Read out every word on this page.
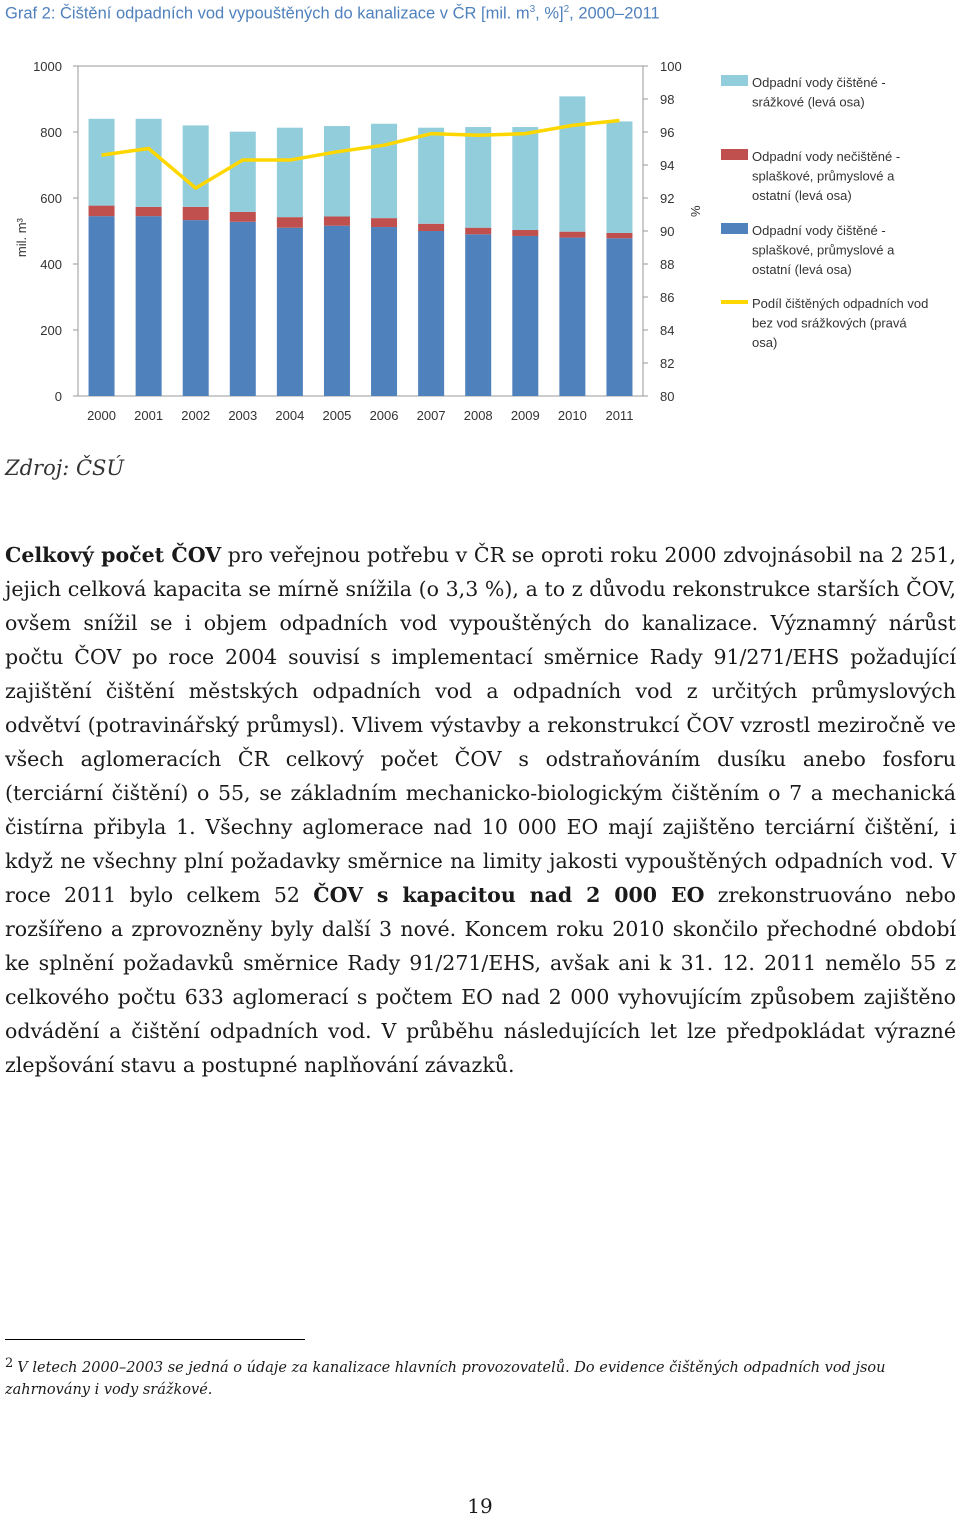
Graf 2: Čištění odpadních vod vypouštěných do kanalizace v ČR [mil. $m^3$, %]$^2$, 2000–2011
0
200
400
600
800
1000
80
82
84
86
88
90
92
94
96
98
100
mil. m³
%
2000 2001 2002 2003 2004 2005 2006 2007 2008 2009 2010 2011
Odpadní vody čištěné -
srážkové (levá osa)
Odpadní vody nečištěné -
splaškové, průmyslové a
ostatní (levá osa)
Odpadní vody čištěné -
splaškové, průmyslové a
ostatní (levá osa)
Podíl čištěných odpadních vod
bez vod srážkových (pravá
osa)
Zdroj: ČSÚ

Celkový počet ČOV pro veřejnou potřebu v ČR se oproti roku 2000 zdvojnásobil na 2 251, jejich celková kapacita se mírně snížila (o 3,3 %), a to z důvodu rekonstrukce starších ČOV, ovšem snížil se i objem odpadních vod vypouštěných do kanalizace. Významný nárůst počtu ČOV po roce 2004 souvisí s implementací směrnice Rady 91/271/EHS požadující zajištění čištění městských odpadních vod a odpadních vod z určitých průmyslových odvětví (potravinářský průmysl). Vlivem výstavby a rekonstrukcí ČOV vzrostl meziročně ve všech aglomeracích ČR celkový počet ČOV s odstraňováním dusíku anebo fosforu (terciární čištění) o 55, se základním mechanicko-biologickým čištěním o 7 a mechanická čistírna přibyla 1. Všechny aglomerace nad 10 000 EO mají zajištěno terciární čištění, i když ne všechny plní požadavky směrnice na limity jakosti vypouštěných odpadních vod. V roce 2011 bylo celkem 52 ČOV s kapacitou nad 2 000 EO zrekonstruováno nebo rozšířeno a zprovozněny byly další 3 nové. Koncem roku 2010 skončilo přechodné období ke splnění požadavků směrnice Rady 91/271/EHS, avšak ani k 31. 12. 2011 nemělo 55 z celkového počtu 633 aglomerací s počtem EO nad 2 000 vyhovujícím způsobem zajištěno odvádění a čištění odpadních vod. V průběhu následujících let lze předpokládat výrazné zlepšování stavu a postupné naplňování závazků.

2 V letech 2000–2003 se jedná o údaje za kanalizace hlavních provozovatelů. Do evidence čištěných odpadních vod jsou zahrnovány i vody srážkové.

19
